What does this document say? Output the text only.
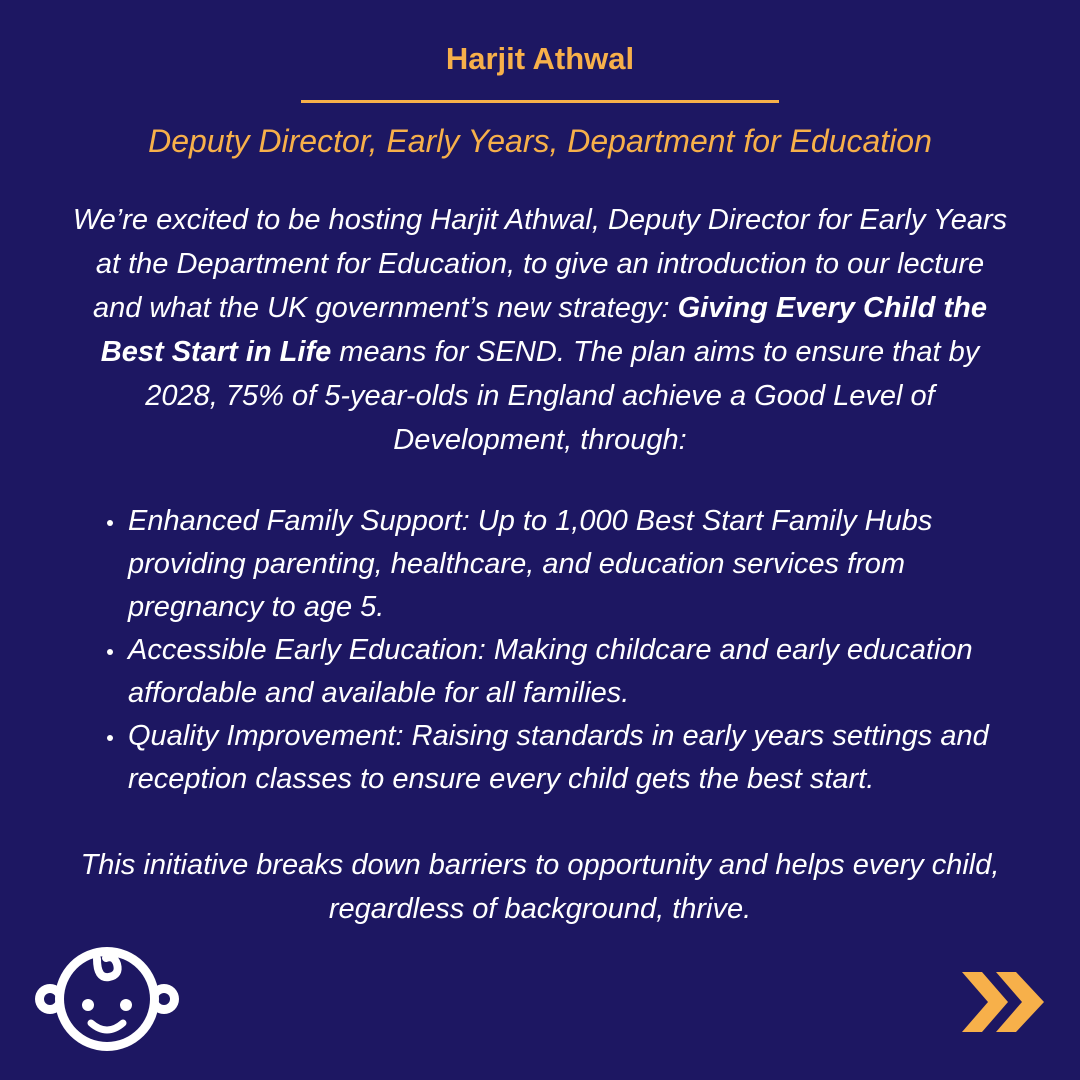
Harjit Athwal
Deputy Director, Early Years, Department for Education

We’re excited to be hosting Harjit Athwal, Deputy Director for Early Years at the Department for Education, to give an introduction to our lecture and what the UK government’s new strategy: Giving Every Child the Best Start in Life means for SEND. The plan aims to ensure that by 2028, 75% of 5-year-olds in England achieve a Good Level of Development, through:

Enhanced Family Support: Up to 1,000 Best Start Family Hubs providing parenting, healthcare, and education services from pregnancy to age 5.
Accessible Early Education: Making childcare and early education affordable and available for all families.
Quality Improvement: Raising standards in early years settings and reception classes to ensure every child gets the best start.

This initiative breaks down barriers to opportunity and helps every child, regardless of background, thrive.
